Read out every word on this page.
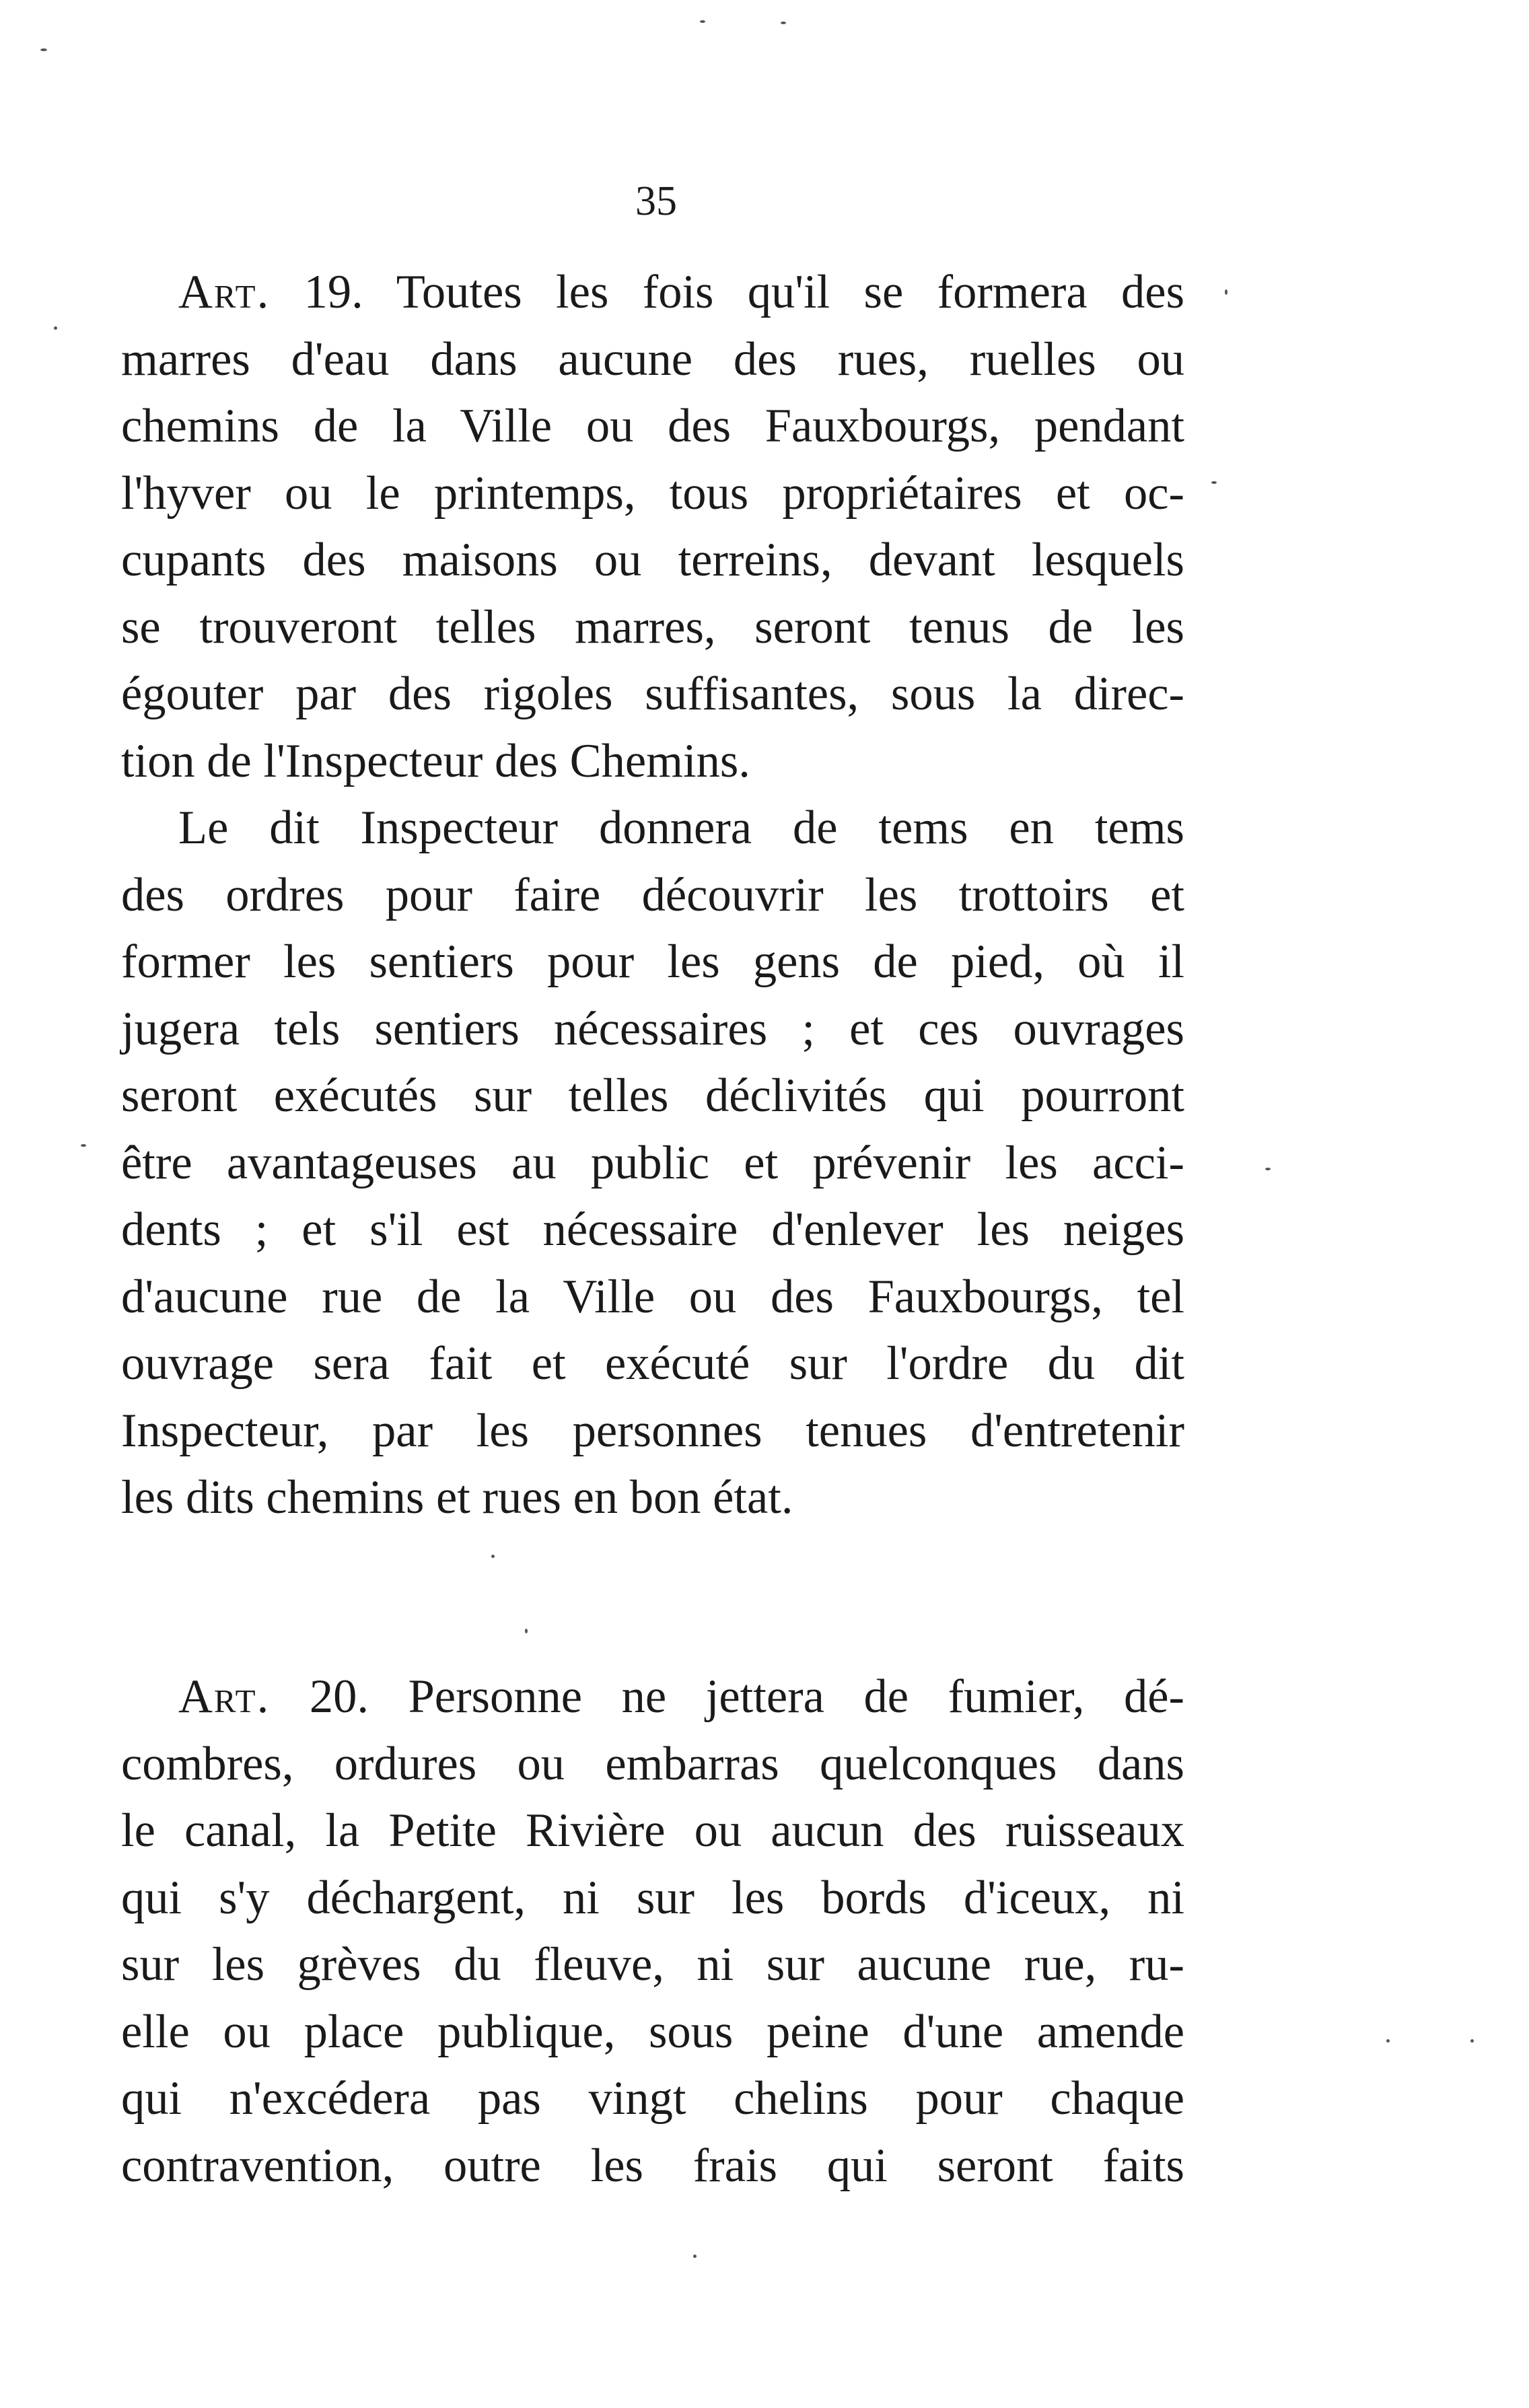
35
Art. 19. Toutes les fois qu'il se formera des
marres d'eau dans aucune des rues, ruelles ou
chemins de la Ville ou des Fauxbourgs, pendant
l'hyver ou le printemps, tous propriétaires et oc-
cupants des maisons ou terreins, devant lesquels
se trouveront telles marres, seront tenus de les
égouter par des rigoles suffisantes, sous la direc-
tion de l'Inspecteur des Chemins.
Le dit Inspecteur donnera de tems en tems
des ordres pour faire découvrir les trottoirs et
former les sentiers pour les gens de pied, où il
jugera tels sentiers nécessaires ; et ces ouvrages
seront exécutés sur telles déclivités qui pourront
être avantageuses au public et prévenir les acci-
dents ; et s'il est nécessaire d'enlever les neiges
d'aucune rue de la Ville ou des Fauxbourgs, tel
ouvrage sera fait et exécuté sur l'ordre du dit
Inspecteur, par les personnes tenues d'entretenir
les dits chemins et rues en bon état.
Art. 20. Personne ne jettera de fumier, dé-
combres, ordures ou embarras quelconques dans
le canal, la Petite Rivière ou aucun des ruisseaux
qui s'y déchargent, ni sur les bords d'iceux, ni
sur les grèves du fleuve, ni sur aucune rue, ru-
elle ou place publique, sous peine d'une amende
qui n'excédera pas vingt chelins pour chaque
contravention, outre les frais qui seront faits
